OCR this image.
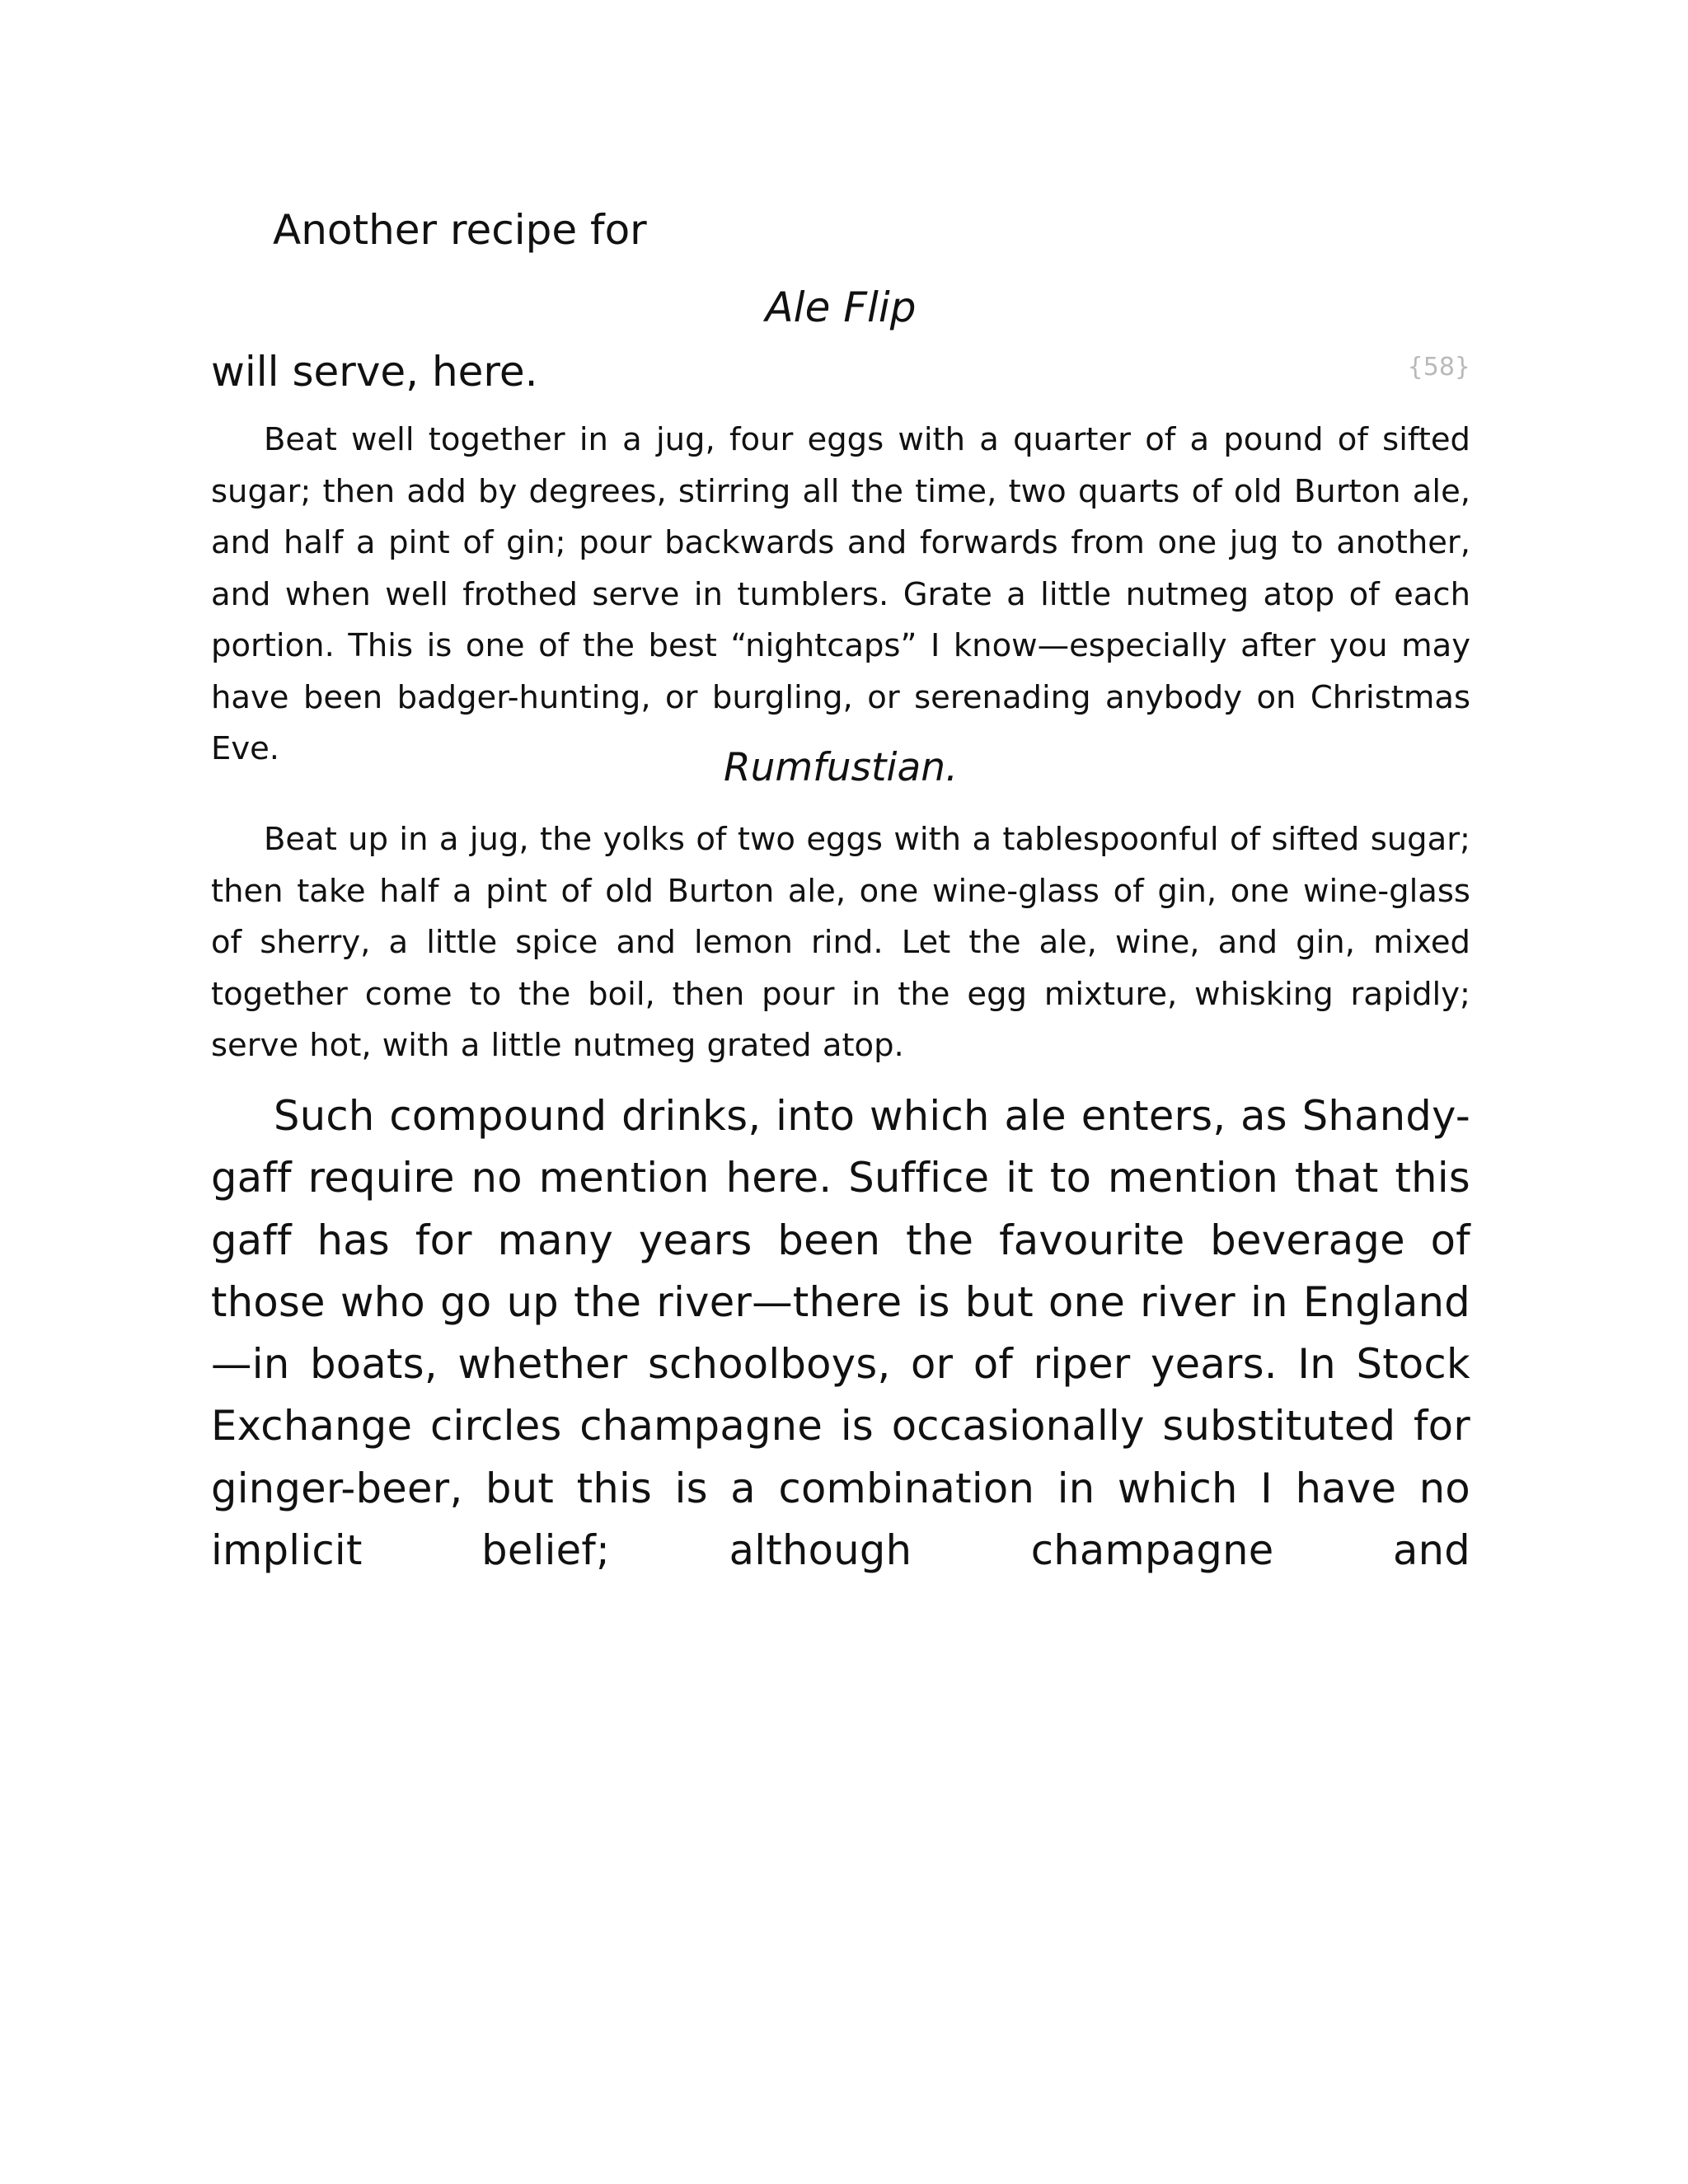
Another recipe for
Ale Flip
will serve, here.	{58}

Beat well together in a jug, four eggs with a quarter of a pound of sifted sugar; then add by degrees, stirring all the time, two quarts of old Burton ale, and half a pint of gin; pour backwards and forwards from one jug to another, and when well frothed serve in tumblers. Grate a little nutmeg atop of each portion. This is one of the best “nightcaps” I know—especially after you may have been badger-hunting, or burgling, or serenading anybody on Christmas Eve.	Rumfustian.

Beat up in a jug, the yolks of two eggs with a tablespoonful of sifted sugar; then take half a pint of old Burton ale, one wine-glass of gin, one wine-glass of sherry, a little spice and lemon rind. Let the ale, wine, and gin, mixed together come to the boil, then pour in the egg mixture, whisking rapidly; serve hot, with a little nutmeg grated atop.

Such compound drinks, into which ale enters, as Shandy-gaff require no mention here. Suffice it to mention that this gaff has for many years been the favourite beverage of those who go up the river—there is but one river in England—in boats, whether schoolboys, or of riper years. In Stock Exchange circles champagne is occasionally substituted for ginger-beer, but this is a combination in which I have no implicit belief; although champagne and
